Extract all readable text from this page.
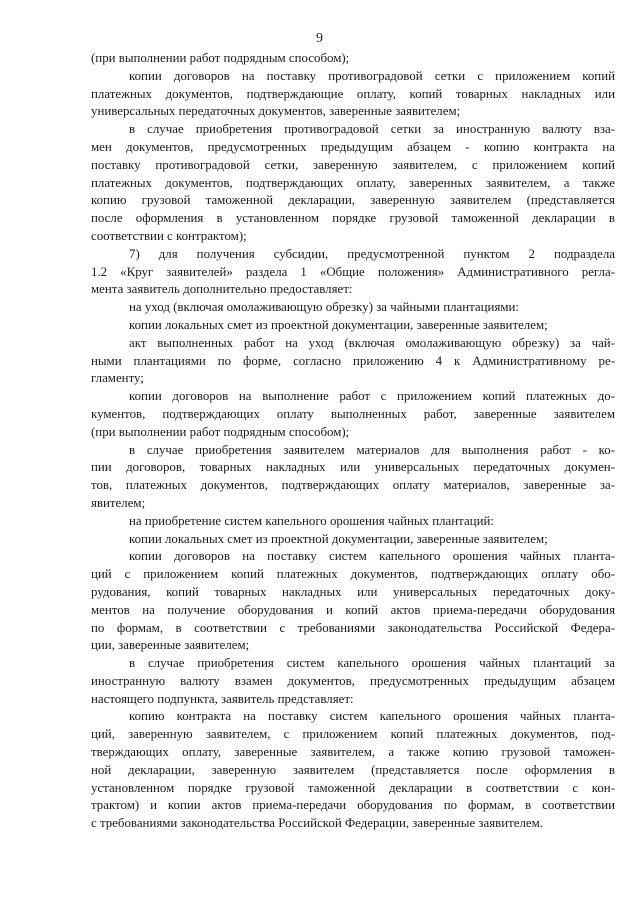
9
(при выполнении работ подрядным способом);
копии договоров на поставку противоградовой сетки с приложением копий
платежных документов, подтверждающие оплату, копий товарных накладных или
универсальных передаточных документов, заверенные заявителем;
в случае приобретения противоградовой сетки за иностранную валюту вза-
мен документов, предусмотренных предыдущим абзацем - копию контракта на
поставку противоградовой сетки, заверенную заявителем, с приложением копий
платежных документов, подтверждающих оплату, заверенных заявителем, а также
копию грузовой таможенной декларации, заверенную заявителем (представляется
после оформления в установленном порядке грузовой таможенной декларации в
соответствии с контрактом);
7) для получения субсидии, предусмотренной пунктом 2 подраздела
1.2 «Круг заявителей» раздела 1 «Общие положения» Административного регла-
мента заявитель дополнительно предоставляет:
на уход (включая омолаживающую обрезку) за чайными плантациями:
копии локальных смет из проектной документации, заверенные заявителем;
акт выполненных работ на уход (включая омолаживающую обрезку) за чай-
ными плантациями по форме, согласно приложению 4 к Административному ре-
гламенту;
копии договоров на выполнение работ с приложением копий платежных до-
кументов, подтверждающих оплату выполненных работ, заверенные заявителем
(при выполнении работ подрядным способом);
в случае приобретения заявителем материалов для выполнения работ - ко-
пии договоров, товарных накладных или универсальных передаточных докумен-
тов, платежных документов, подтверждающих оплату материалов, заверенные за-
явителем;
на приобретение систем капельного орошения чайных плантаций:
копии локальных смет из проектной документации, заверенные заявителем;
копии договоров на поставку систем капельного орошения чайных планта-
ций с приложением копий платежных документов, подтверждающих оплату обо-
рудования, копий товарных накладных или универсальных передаточных доку-
ментов на получение оборудования и копий актов приема-передачи оборудования
по формам, в соответствии с требованиями законодательства Российской Федера-
ции, заверенные заявителем;
в случае приобретения систем капельного орошения чайных плантаций за
иностранную валюту взамен документов, предусмотренных предыдущим абзацем
настоящего подпункта, заявитель представляет:
копию контракта на поставку систем капельного орошения чайных планта-
ций, заверенную заявителем, с приложением копий платежных документов, под-
тверждающих оплату, заверенные заявителем, а также копию грузовой таможен-
ной декларации, заверенную заявителем (представляется после оформления в
установленном порядке грузовой таможенной декларации в соответствии с кон-
трактом) и копии актов приема-передачи оборудования по формам, в соответствии
с требованиями законодательства Российской Федерации, заверенные заявителем.
